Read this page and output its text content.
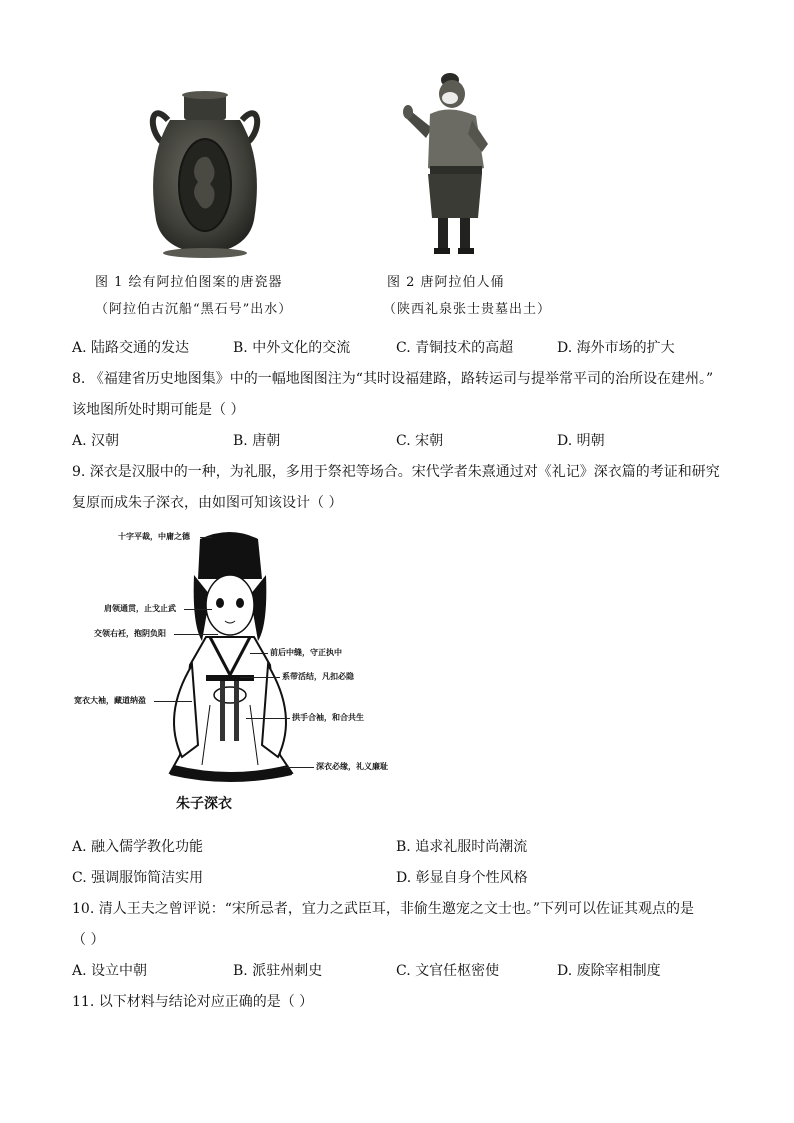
图 1 绘有阿拉伯图案的唐瓷器
（阿拉伯古沉船“黑石号”出水）
图 2 唐阿拉伯人俑
（陕西礼泉张士贵墓出土）
A. 陆路交通的发达	B. 中外文化的交流	C. 青铜技术的高超	D. 海外市场的扩大
8. 《福建省历史地图集》中的一幅地图图注为“其时设福建路，路转运司与提举常平司的治所设在建州。”
该地图所处时期可能是（ ）
A. 汉朝	B. 唐朝	C. 宋朝	D. 明朝
9. 深衣是汉服中的一种，为礼服，多用于祭祀等场合。宋代学者朱熹通过对《礼记》深衣篇的考证和研究
复原而成朱子深衣，由如图可知该设计（ ）
十字平裁，中庸之德
肩领通贯，止戈止武
交领右衽，抱阴负阳
宽衣大袖，藏道纳盈
前后中缝，守正执中
系带活结，凡扣必隐
拱手合袖，和合共生
深衣必缘，礼义廉耻
朱子深衣
A. 融入儒学教化功能	B. 追求礼服时尚潮流
C. 强调服饰简洁实用	D. 彰显自身个性风格
10. 清人王夫之曾评说：“宋所忌者，宜力之武臣耳，非偷生邀宠之文士也。”下列可以佐证其观点的是
（ ）
A. 设立中朝	B. 派驻州刺史	C. 文官任枢密使	D. 废除宰相制度
11. 以下材料与结论对应正确的是（ ）
